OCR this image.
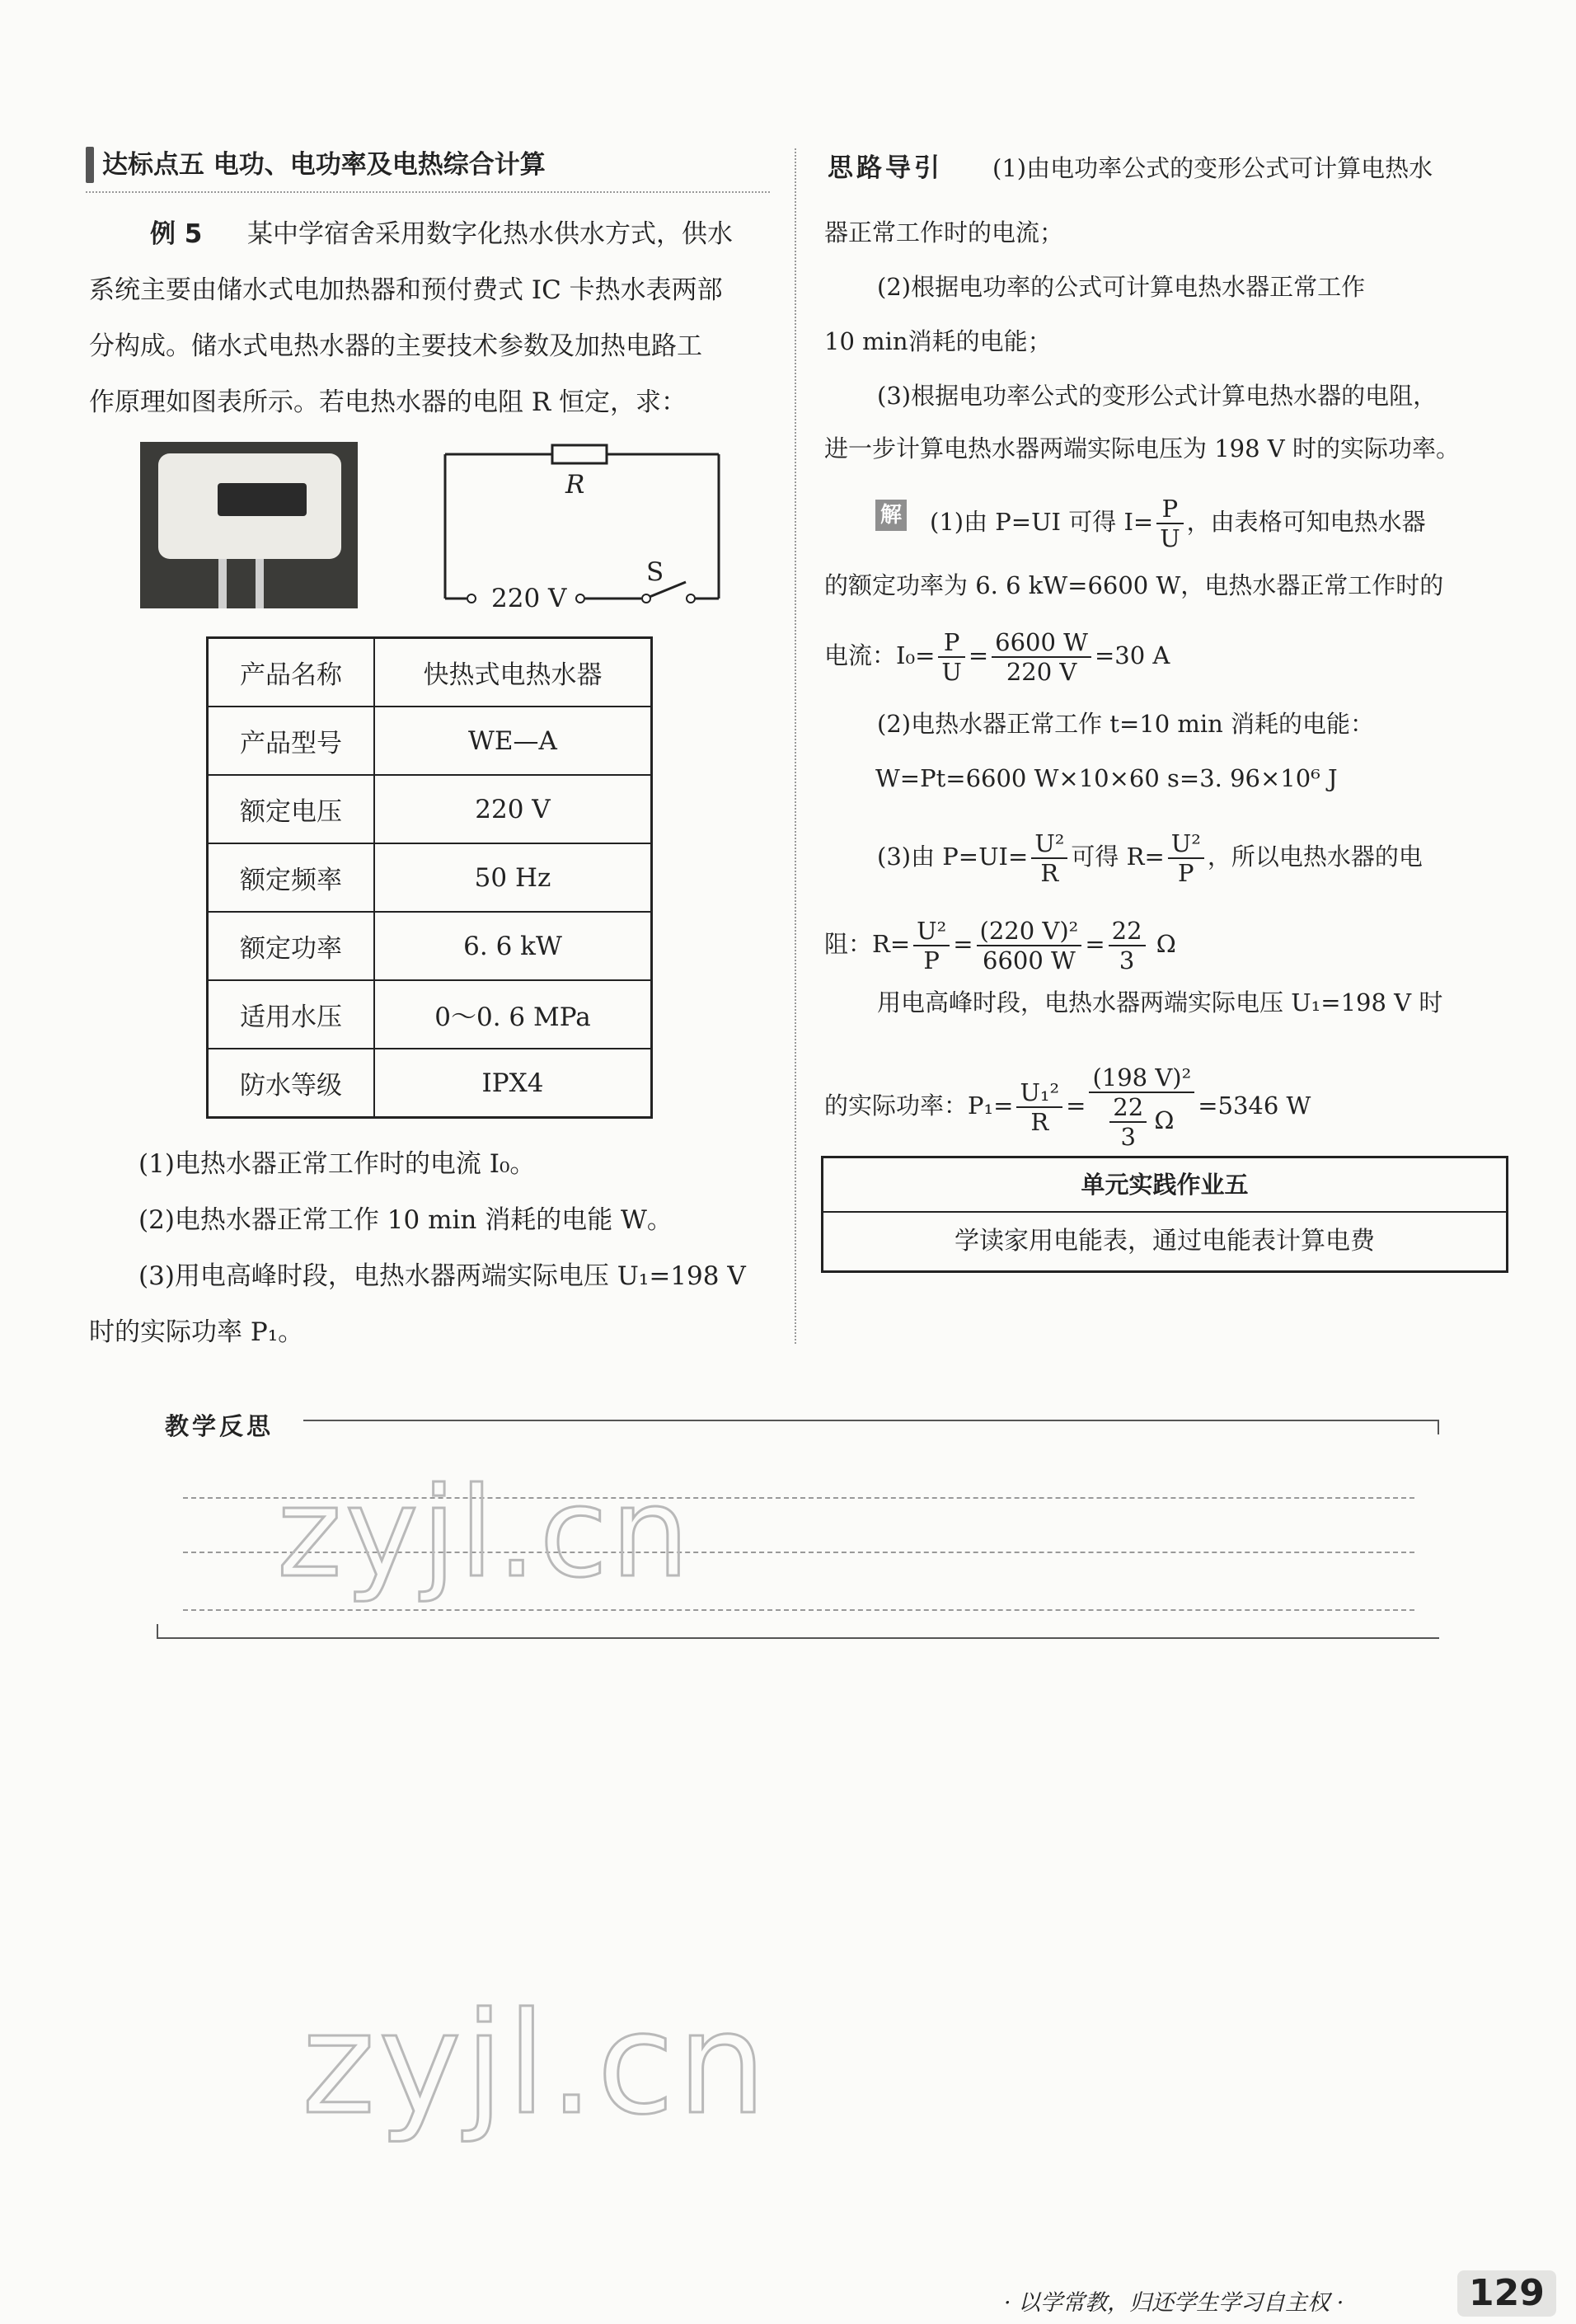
达标点五 电功、电功率及电热综合计算
例 5 某中学宿舍采用数字化热水供水方式，供水
系统主要由储水式电加热器和预付费式 IC 卡热水表两部
分构成。储水式电热水器的主要技术参数及加热电路工
作原理如图表所示。若电热水器的电阻 R 恒定，求：
R
S
220 V
产品名称	快热式电热水器
产品型号	WE—A
额定电压	220 V
额定频率	50 Hz
额定功率	6. 6 kW
适用水压	0～0. 6 MPa
防水等级	IPX4
(1)电热水器正常工作时的电流 I₀。
(2)电热水器正常工作 10 min 消耗的电能 W。
(3)用电高峰时段，电热水器两端实际电压 U₁=198 V
时的实际功率 P₁。
思路导引 (1)由电功率公式的变形公式可计算电热水
器正常工作时的电流；
(2)根据电功率的公式可计算电热水器正常工作
10 min消耗的电能；
(3)根据电功率公式的变形公式计算电热水器的电阻，
进一步计算电热水器两端实际电压为 198 V 时的实际功率。
解 (1)由 P=UI 可得 $I= \frac{P}{U}$ ，由表格可知电热水器
的额定功率为 6. 6 kW=6600 W，电热水器正常工作时的
电流：$I_0= \frac{P}{U} = \frac{6600 W}{220 V} =30$ A
(2)电热水器正常工作 t=10 min 消耗的电能：
W=Pt=6600 W×10×60 s=3. 96×10⁶ J
(3)由 $P=UI= \frac{\text{U²}}{R}$ 可得 $R= \frac{\text{U²}}{P}$ ，所以电热水器的电
阻：$R= \frac{\text{U²}}{P} = \frac{\text{(220 V)²}}{6600 W} = \frac{22}{3}$ Ω
用电高峰时段，电热水器两端实际电压 U₁=198 V 时
的实际功率：$P_1= \frac{\text{U₁²}}{R} = \frac{\text{(198 V)²}}{\frac{22}{3} \Omega} =5346$ W
单元实践作业五
学读家用电能表，通过电能表计算电费
教学反思
zyjl.cn
zyjl.cn
· 以学常教，归还学生学习自主权 ·	129
